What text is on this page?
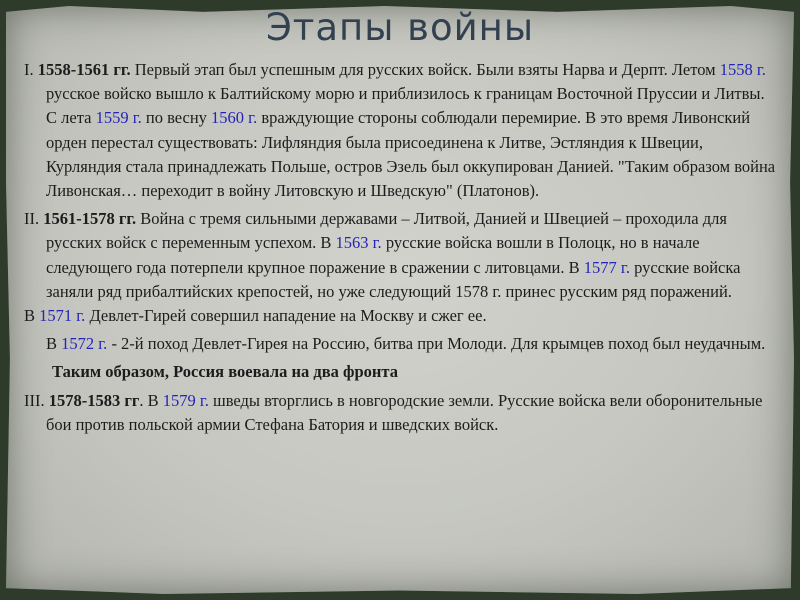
Этапы войны

I. 1558-1561 гг. Первый этап был успешным для русских войск. Были взяты Нарва и Дерпт. Летом 1558 г. русское войско вышло к Балтийскому морю и приблизилось к границам Восточной Пруссии и Литвы. С лета 1559 г. по весну 1560 г. враждующие стороны соблюдали перемирие. В это время Ливонский орден перестал существовать: Лифляндия была присоединена к Литве, Эстляндия к Швеции, Курляндия стала принадлежать Польше, остров Эзель был оккупирован Данией. "Таким образом война Ливонская… переходит в войну Литовскую и Шведскую" (Платонов).

II. 1561-1578 гг. Война с тремя сильными державами – Литвой, Данией и Швецией – проходила для русских войск с переменным успехом. В 1563 г. русские войска вошли в Полоцк, но в начале следующего года потерпели крупное поражение в сражении с литовцами. В 1577 г. русские войска заняли ряд прибалтийских крепостей, но уже следующий 1578 г. принес русским ряд поражений.
В 1571 г. Девлет-Гирей совершил нападение на Москву и сжег ее.

В 1572 г. - 2-й поход Девлет-Гирея на Россию, битва при Молоди. Для крымцев поход был неудачным.

Таким образом, Россия воевала на два фронта

III. 1578-1583 гг. В 1579 г. шведы вторглись в новгородские земли. Русские войска вели оборонительные бои против польской армии Стефана Батория и шведских войск.
